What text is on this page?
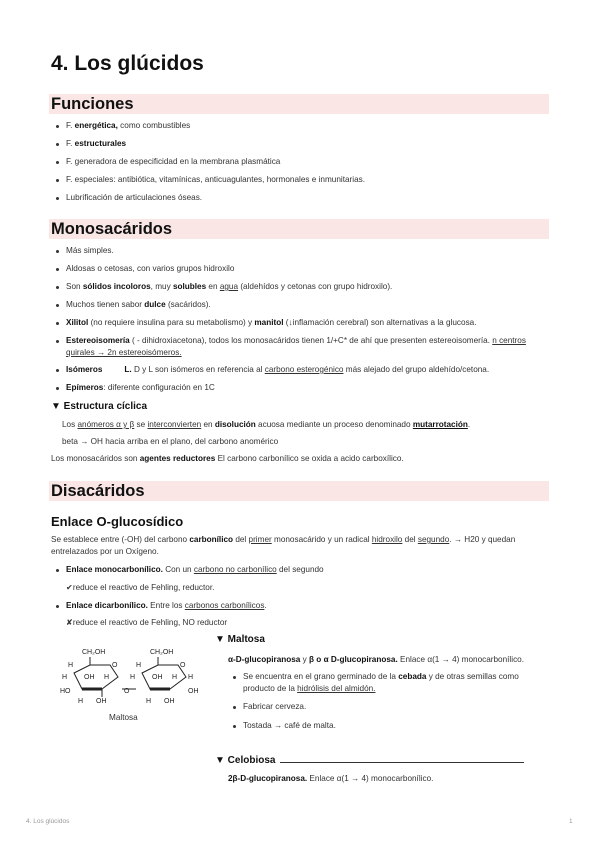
4. Los glúcidos
Funciones
F. energética, como combustibles
F. estructurales
F. generadora de especificidad en la membrana plasmática
F. especiales: antibiótica, vitamínicas, anticuagulantes, hormonales e inmunitarias.
Lubrificación de articulaciones óseas.
Monosacáridos
Más simples.
Aldosas o cetosas, con varios grupos hidroxilo
Son sólidos incoloros, muy solubles en agua (aldehídos y cetonas con grupo hidroxilo).
Muchos tienen sabor dulce (sacáridos).
Xilitol (no requiere insulina para su metabolismo) y manitol (↓inflamación cerebral) son alternativas a la glucosa.
Estereoisomería ( - dihidroxiacetona), todos los monosacáridos tienen 1/+C* de ahí que presenten estereoisomería. n centros
quirales → 2n estereoisómeros.
Isómeros	L. D y L son isómeros en referencia al carbono esterogénico más alejado del grupo aldehído/cetona.
Epímeros: diferente configuración en 1C
▼ Estructura cíclica
Los anómeros α y β se interconvierten en disolución acuosa mediante un proceso denominado mutarrotación.
beta → OH hacia arriba en el plano, del carbono anomérico
Los monosacáridos son agentes reductores El carbono carbonílico se oxida a acido carboxílico.
Disacáridos
Enlace O-glucosídico
Se establece entre (-OH) del carbono carbonílico del primer monosacárido y un radical hidroxilo del segundo. → H20 y quedan
entrelazados por un Oxígeno.
Enlace monocarbonílico. Con un carbono no carbonílico del segundo
✔reduce el reactivo de Fehling, reductor.
Enlace dicarbonílico. Entre los carbonos carbonílicos.
✘reduce el reactivo de Fehling, NO reductor
CH₂OH	CH₂OH
H	O	H	O
H OH H	H OH H H
HO	O	OH
H OH	H OH
Maltosa
▼ Maltosa
α-D-glucopiranosa y β o α D-glucopiranosa. Enlace α(1 → 4) monocarbonílico.
Se encuentra en el grano germinado de la cebada y de otras semillas como
producto de la hidrólisis del almidón.
Fabricar cerveza.
Tostada → café de malta.
▼ Celobiosa
2β-D-glucopiranosa. Enlace α(1 → 4) monocarbonílico.
4. Los glúcidos	1
